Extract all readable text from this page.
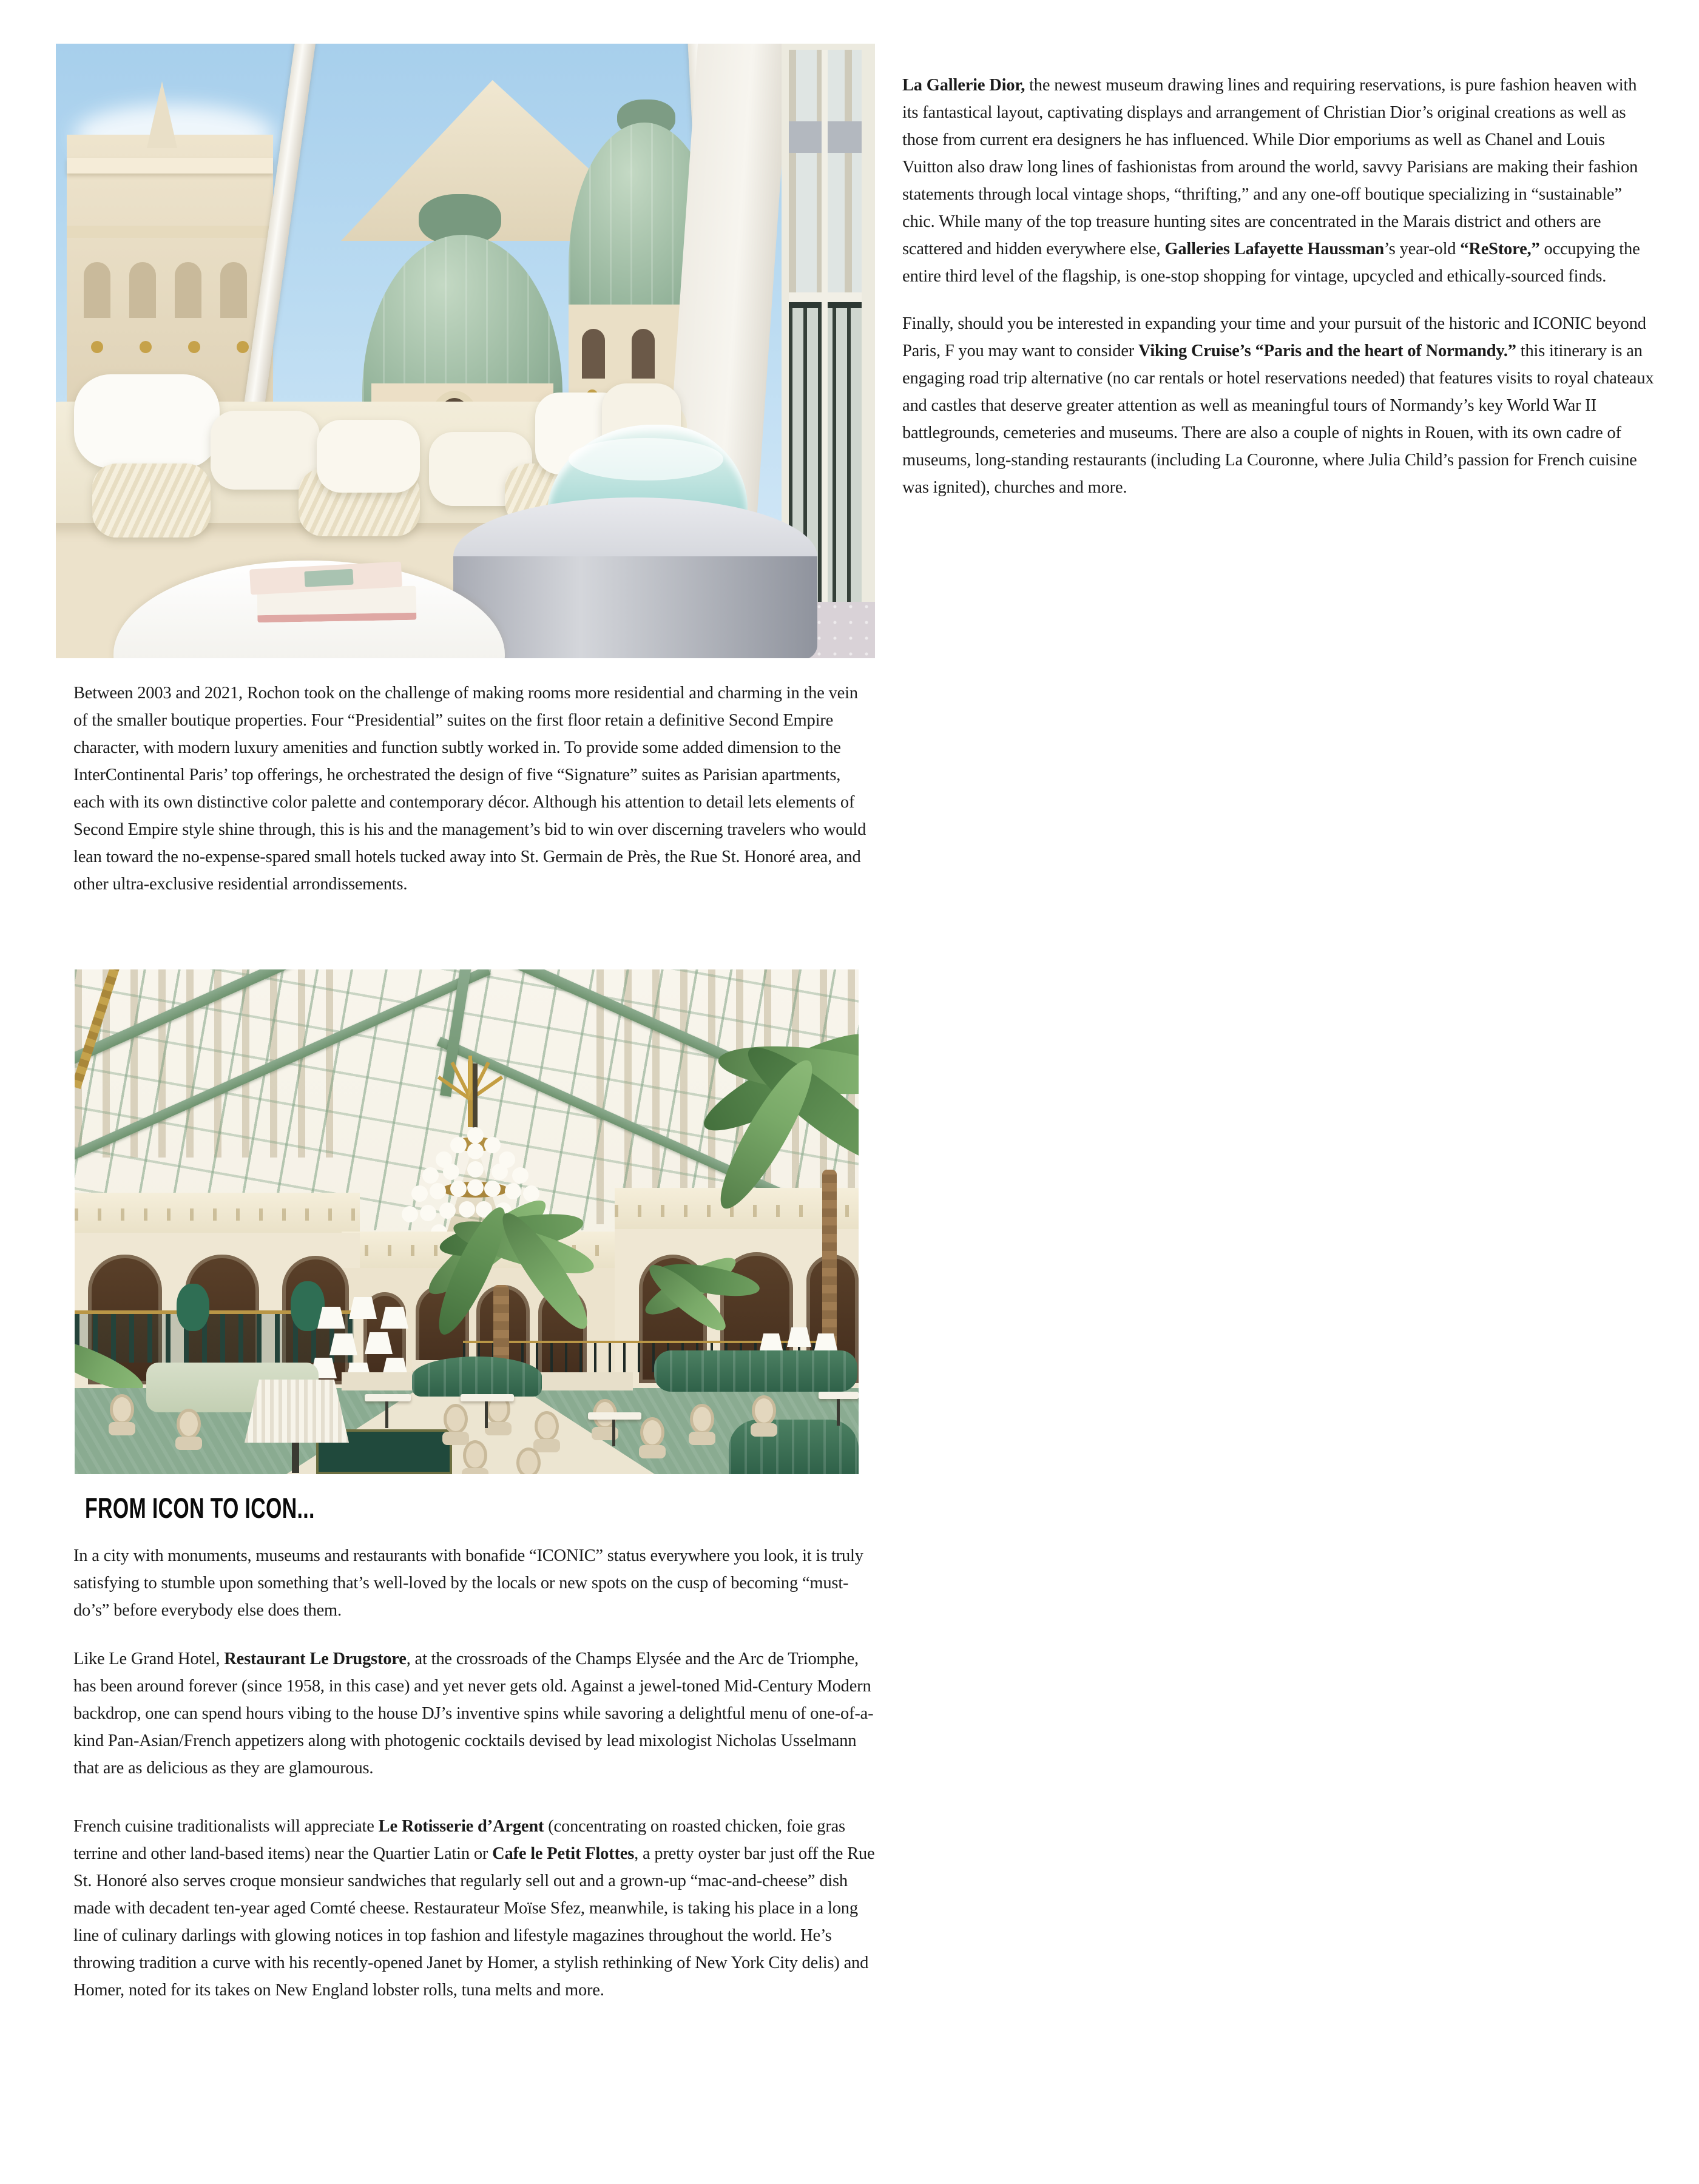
La Gallerie Dior, the newest museum drawing lines and requiring reservations, is pure fashion heaven with its fantastical layout, captivating displays and arrangement of Christian Dior’s original creations as well as those from current era designers he has influenced. While Dior emporiums as well as Chanel and Louis Vuitton also draw long lines of fashionistas from around the world, savvy Parisians are making their fashion statements through local vintage shops, “thrifting,” and any one-off boutique specializing in “sustainable” chic. While many of the top treasure hunting sites are concentrated in the Marais district and others are scattered and hidden everywhere else, Galleries Lafayette Haussman’s year-old “ReStore,” occupying the entire third level of the flagship, is one-stop shopping for vintage, upcycled and ethically-sourced finds.

Finally, should you be interested in expanding your time and your pursuit of the historic and ICONIC beyond Paris, F you may want to consider Viking Cruise’s “Paris and the heart of Normandy.” this itinerary is an engaging road trip alternative (no car rentals or hotel reservations needed) that features visits to royal chateaux and castles that deserve greater attention as well as meaningful tours of Normandy’s key World War II battlegrounds, cemeteries and museums. There are also a couple of nights in Rouen, with its own cadre of museums, long-standing restaurants (including La Couronne, where Julia Child’s passion for French cuisine was ignited), churches and more.

Between 2003 and 2021, Rochon took on the challenge of making rooms more residential and charming in the vein of the smaller boutique properties. Four “Presidential” suites on the first floor retain a definitive Second Empire character, with modern luxury amenities and function subtly worked in. To provide some added dimension to the InterContinental Paris’ top offerings, he orchestrated the design of five “Signature” suites as Parisian apartments, each with its own distinctive color palette and contemporary décor. Although his attention to detail lets elements of Second Empire style shine through, this is his and the management’s bid to win over discerning travelers who would lean toward the no-expense-spared small hotels tucked away into St. Germain de Près, the Rue St. Honoré area, and other ultra-exclusive residential arrondissements.
FROM ICON TO ICON...
In a city with monuments, museums and restaurants with bonafide “ICONIC” status everywhere you look, it is truly satisfying to stumble upon something that’s well-loved by the locals or new spots on the cusp of becoming “must-do’s” before everybody else does them.
Like Le Grand Hotel, Restaurant Le Drugstore, at the crossroads of the Champs Elysée and the Arc de Triomphe, has been around forever (since 1958, in this case) and yet never gets old. Against a jewel-toned Mid-Century Modern backdrop, one can spend hours vibing to the house DJ’s inventive spins while savoring a delightful menu of one-of-a-kind Pan-Asian/French appetizers along with photogenic cocktails devised by lead mixologist Nicholas Usselmann that are as delicious as they are glamourous.
French cuisine traditionalists will appreciate Le Rotisserie d’Argent (concentrating on roasted chicken, foie gras terrine and other land-based items) near the Quartier Latin or Cafe le Petit Flottes, a pretty oyster bar just off the Rue St. Honoré also serves croque monsieur sandwiches that regularly sell out and a grown-up “mac-and-cheese” dish made with decadent ten-year aged Comté cheese. Restaurateur Moïse Sfez, meanwhile, is taking his place in a long line of culinary darlings with glowing notices in top fashion and lifestyle magazines throughout the world. He’s throwing tradition a curve with his recently-opened Janet by Homer, a stylish rethinking of New York City delis) and Homer, noted for its takes on New England lobster rolls, tuna melts and more.
